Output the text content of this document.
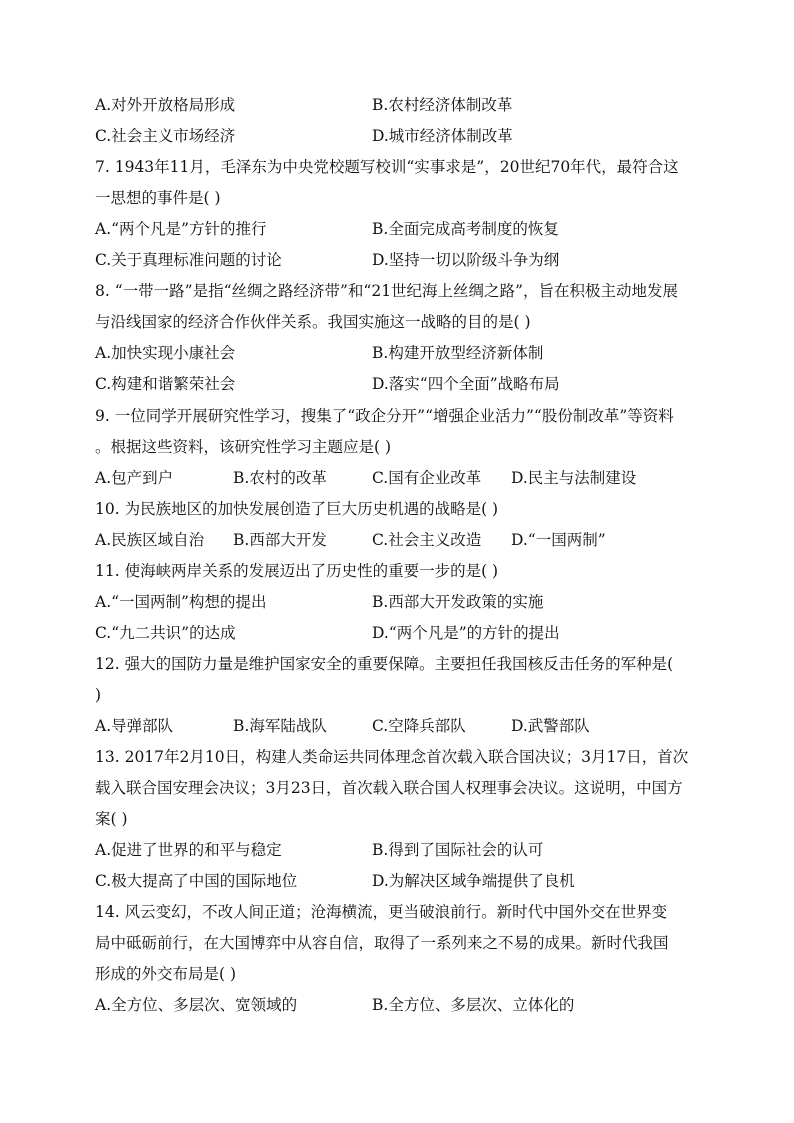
A.对外开放格局形成	B.农村经济体制改革
C.社会主义市场经济	D.城市经济体制改革
7. 1943年11月，毛泽东为中央党校题写校训“实事求是”，20世纪70年代，最符合这
一思想的事件是( )
A.“两个凡是”方针的推行	B.全面完成高考制度的恢复
C.关于真理标准问题的讨论	D.坚持一切以阶级斗争为纲
8. “一带一路”是指“丝绸之路经济带”和“21世纪海上丝绸之路”，旨在积极主动地发展
与沿线国家的经济合作伙伴关系。我国实施这一战略的目的是( )
A.加快实现小康社会	B.构建开放型经济新体制
C.构建和谐繁荣社会	D.落实“四个全面”战略布局
9. 一位同学开展研究性学习，搜集了“政企分开”“增强企业活力”“股份制改革”等资料
。根据这些资料，该研究性学习主题应是( )
A.包产到户	B.农村的改革	C.国有企业改革 D.民主与法制建设
10. 为民族地区的加快发展创造了巨大历史机遇的战略是( )
A.民族区域自治 B.西部大开发	C.社会主义改造 D.“一国两制”
11. 使海峡两岸关系的发展迈出了历史性的重要一步的是( )
A.“一国两制”构想的提出	B.西部大开发政策的实施
C.“九二共识”的达成	D.“两个凡是”的方针的提出
12. 强大的国防力量是维护国家安全的重要保障。主要担任我国核反击任务的军种是(
)
A.导弹部队	B.海军陆战队	C.空降兵部队	D.武警部队
13. 2017年2月10日，构建人类命运共同体理念首次载入联合国决议；3月17日，首次
载入联合国安理会决议；3月23日，首次载入联合国人权理事会决议。这说明，中国方
案( )
A.促进了世界的和平与稳定	B.得到了国际社会的认可
C.极大提高了中国的国际地位	D.为解决区域争端提供了良机
14. 风云变幻，不改人间正道；沧海横流，更当破浪前行。新时代中国外交在世界变
局中砥砺前行，在大国博弈中从容自信，取得了一系列来之不易的成果。新时代我国
形成的外交布局是( )
A.全方位、多层次、宽领域的	B.全方位、多层次、立体化的
